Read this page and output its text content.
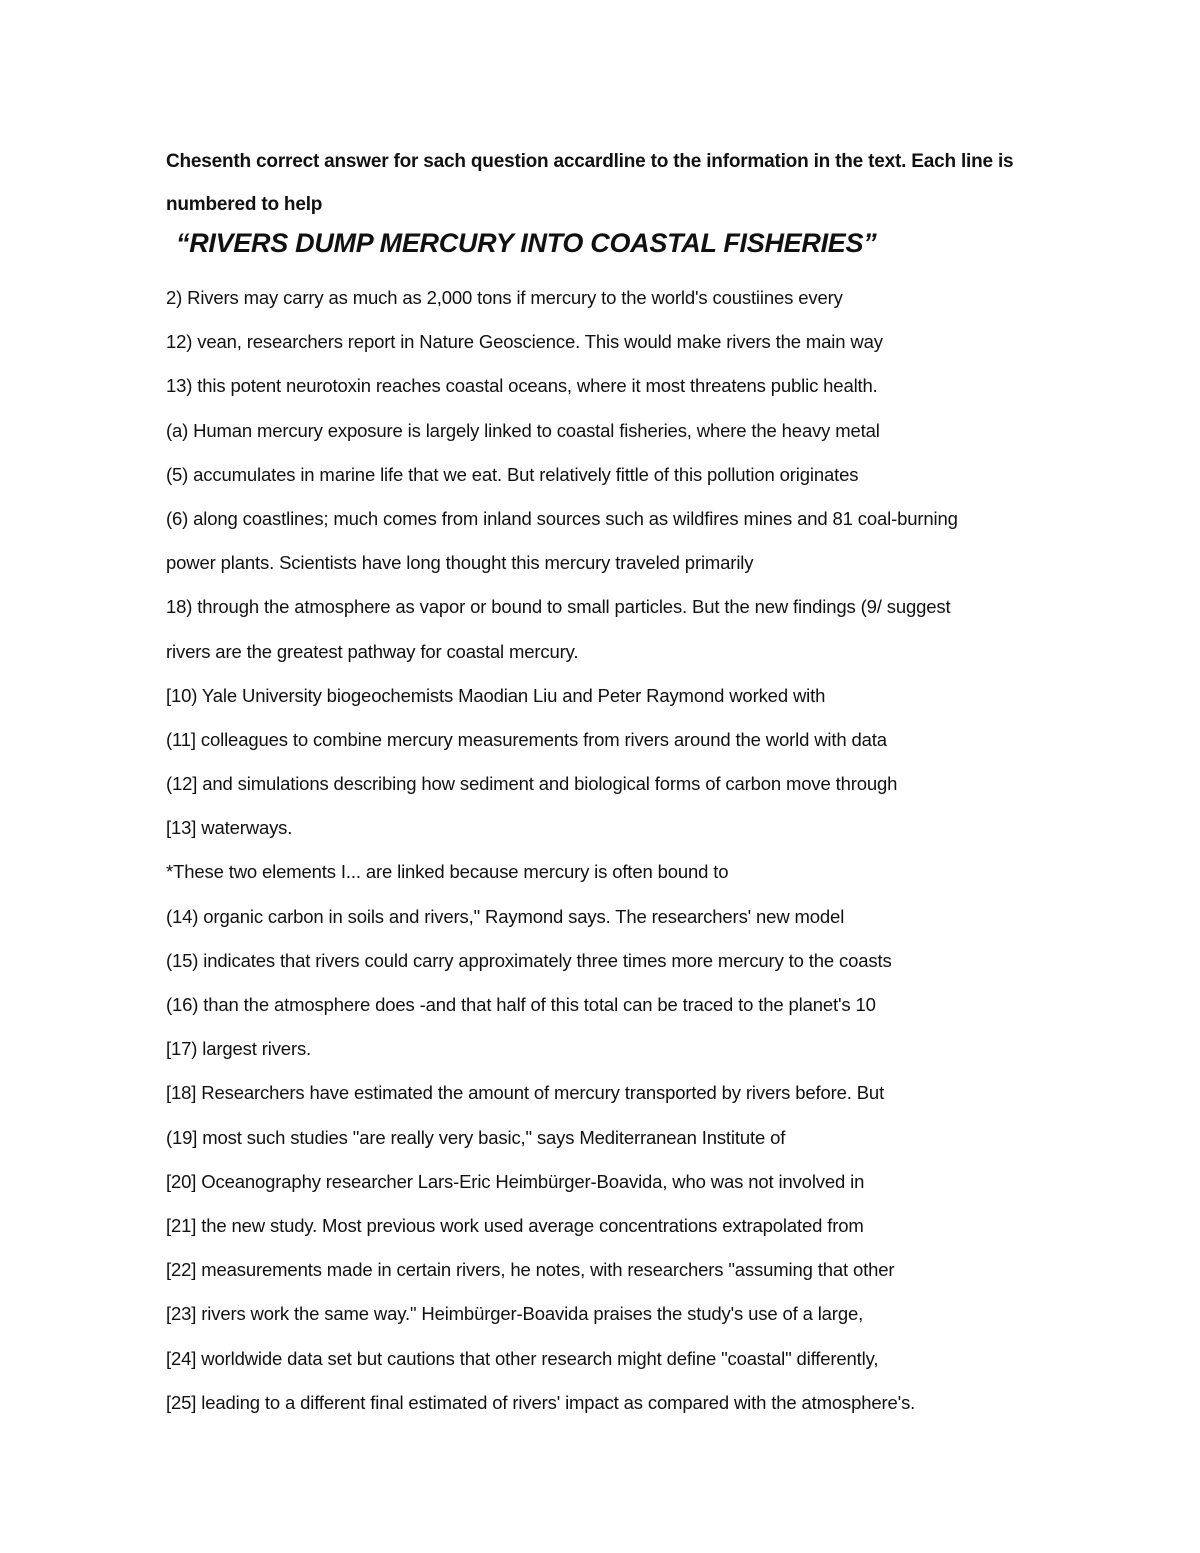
Chesenth correct answer for sach question accardline to the information in the text. Each line is numbered to help
“RIVERS DUMP MERCURY INTO COASTAL FISHERIES”
2) Rivers may carry as much as 2,000 tons if mercury to the world's coustiines every
12) vean, researchers report in Nature Geoscience. This would make rivers the main way
13) this potent neurotoxin reaches coastal oceans, where it most threatens public health.
(a) Human mercury exposure is largely linked to coastal fisheries, where the heavy metal
(5) accumulates in marine life that we eat. But relatively fittle of this pollution originates
(6) along coastlines; much comes from inland sources such as wildfires mines and 81 coal-burning
power plants. Scientists have long thought this mercury traveled primarily
18) through the atmosphere as vapor or bound to small particles. But the new findings (9/ suggest
rivers are the greatest pathway for coastal mercury.
[10) Yale University biogeochemists Maodian Liu and Peter Raymond worked with
(11] colleagues to combine mercury measurements from rivers around the world with data
(12] and simulations describing how sediment and biological forms of carbon move through
[13] waterways.
*These two elements I... are linked because mercury is often bound to
(14) organic carbon in soils and rivers," Raymond says. The researchers' new model
(15) indicates that rivers could carry approximately three times more mercury to the coasts
(16) than the atmosphere does -and that half of this total can be traced to the planet's 10
[17) largest rivers.
[18] Researchers have estimated the amount of mercury transported by rivers before. But
(19] most such studies "are really very basic," says Mediterranean Institute of
[20] Oceanography researcher Lars-Eric Heimbürger-Boavida, who was not involved in
[21] the new study. Most previous work used average concentrations extrapolated from
[22] measurements made in certain rivers, he notes, with researchers "assuming that other
[23] rivers work the same way." Heimbürger-Boavida praises the study's use of a large,
[24] worldwide data set but cautions that other research might define "coastal" differently,
[25] leading to a different final estimated of rivers' impact as compared with the atmosphere's.
